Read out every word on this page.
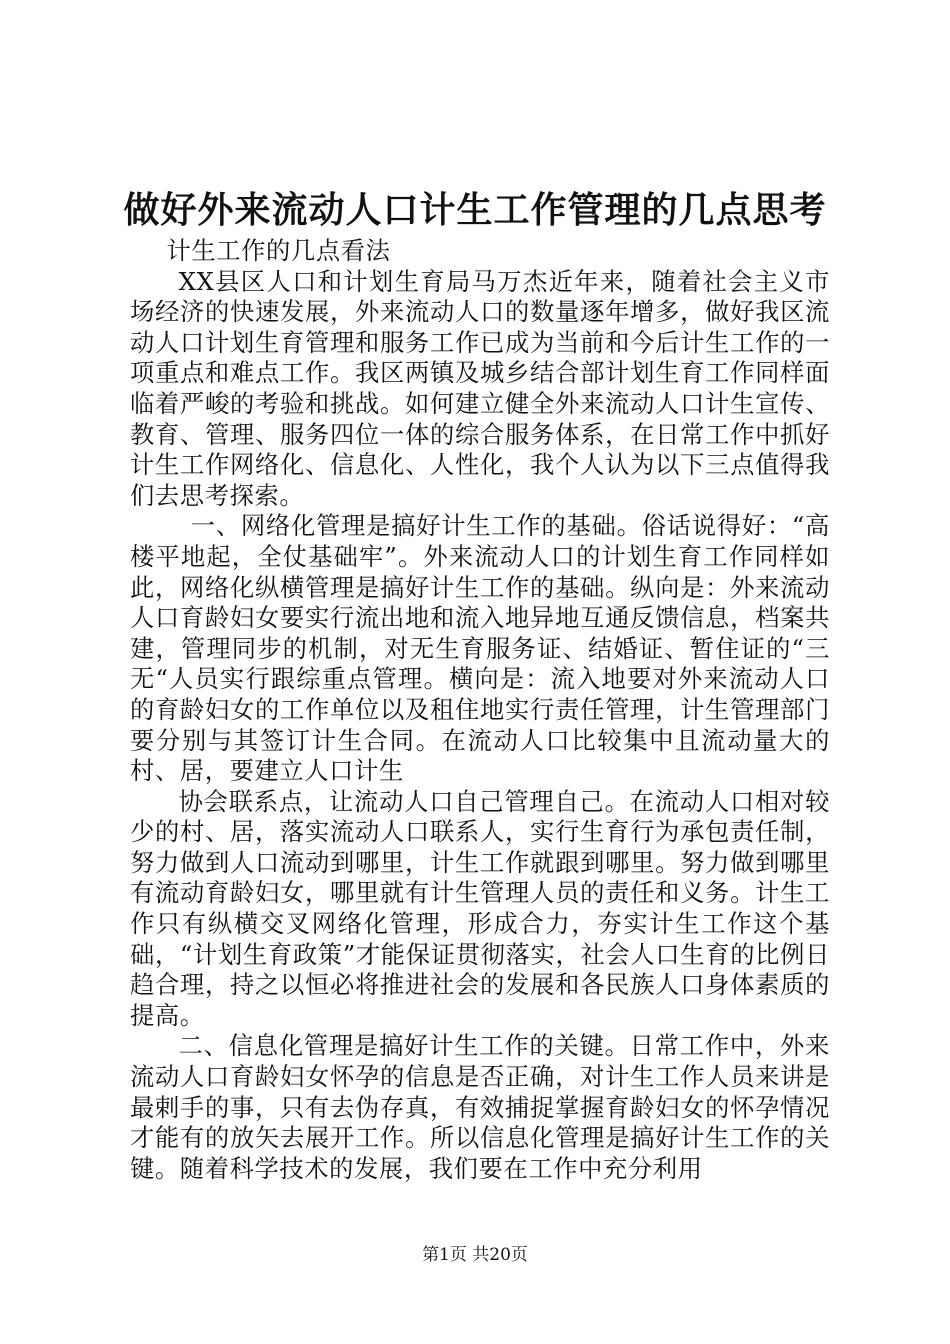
做好外来流动人口计生工作管理的几点思考

计生工作的几点看法

XX县区人口和计划生育局马万杰近年来，随着社会主义市场经济的快速发展，外来流动人口的数量逐年增多，做好我区流动人口计划生育管理和服务工作已成为当前和今后计生工作的一项重点和难点工作。我区两镇及城乡结合部计划生育工作同样面临着严峻的考验和挑战。如何建立健全外来流动人口计生宣传、教育、管理、服务四位一体的综合服务体系，在日常工作中抓好计生工作网络化、信息化、人性化，我个人认为以下三点值得我们去思考探索。

一、网络化管理是搞好计生工作的基础。俗话说得好：“高楼平地起，全仗基础牢”。外来流动人口的计划生育工作同样如此，网络化纵横管理是搞好计生工作的基础。纵向是：外来流动人口育龄妇女要实行流出地和流入地异地互通反馈信息，档案共建，管理同步的机制，对无生育服务证、结婚证、暂住证的“三无“人员实行跟综重点管理。横向是：流入地要对外来流动人口的育龄妇女的工作单位以及租住地实行责任管理，计生管理部门要分别与其签订计生合同。在流动人口比较集中且流动量大的村、居，要建立人口计生

协会联系点，让流动人口自己管理自己。在流动人口相对较少的村、居，落实流动人口联系人，实行生育行为承包责任制，努力做到人口流动到哪里，计生工作就跟到哪里。努力做到哪里有流动育龄妇女，哪里就有计生管理人员的责任和义务。计生工作只有纵横交叉网络化管理，形成合力，夯实计生工作这个基础，“计划生育政策”才能保证贯彻落实，社会人口生育的比例日趋合理，持之以恒必将推进社会的发展和各民族人口身体素质的提高。

二、信息化管理是搞好计生工作的关键。日常工作中，外来流动人口育龄妇女怀孕的信息是否正确，对计生工作人员来讲是最剌手的事，只有去伪存真，有效捕捉掌握育龄妇女的怀孕情况才能有的放矢去展开工作。所以信息化管理是搞好计生工作的关键。随着科学技术的发展，我们要在工作中充分利用

第1页 共20页
